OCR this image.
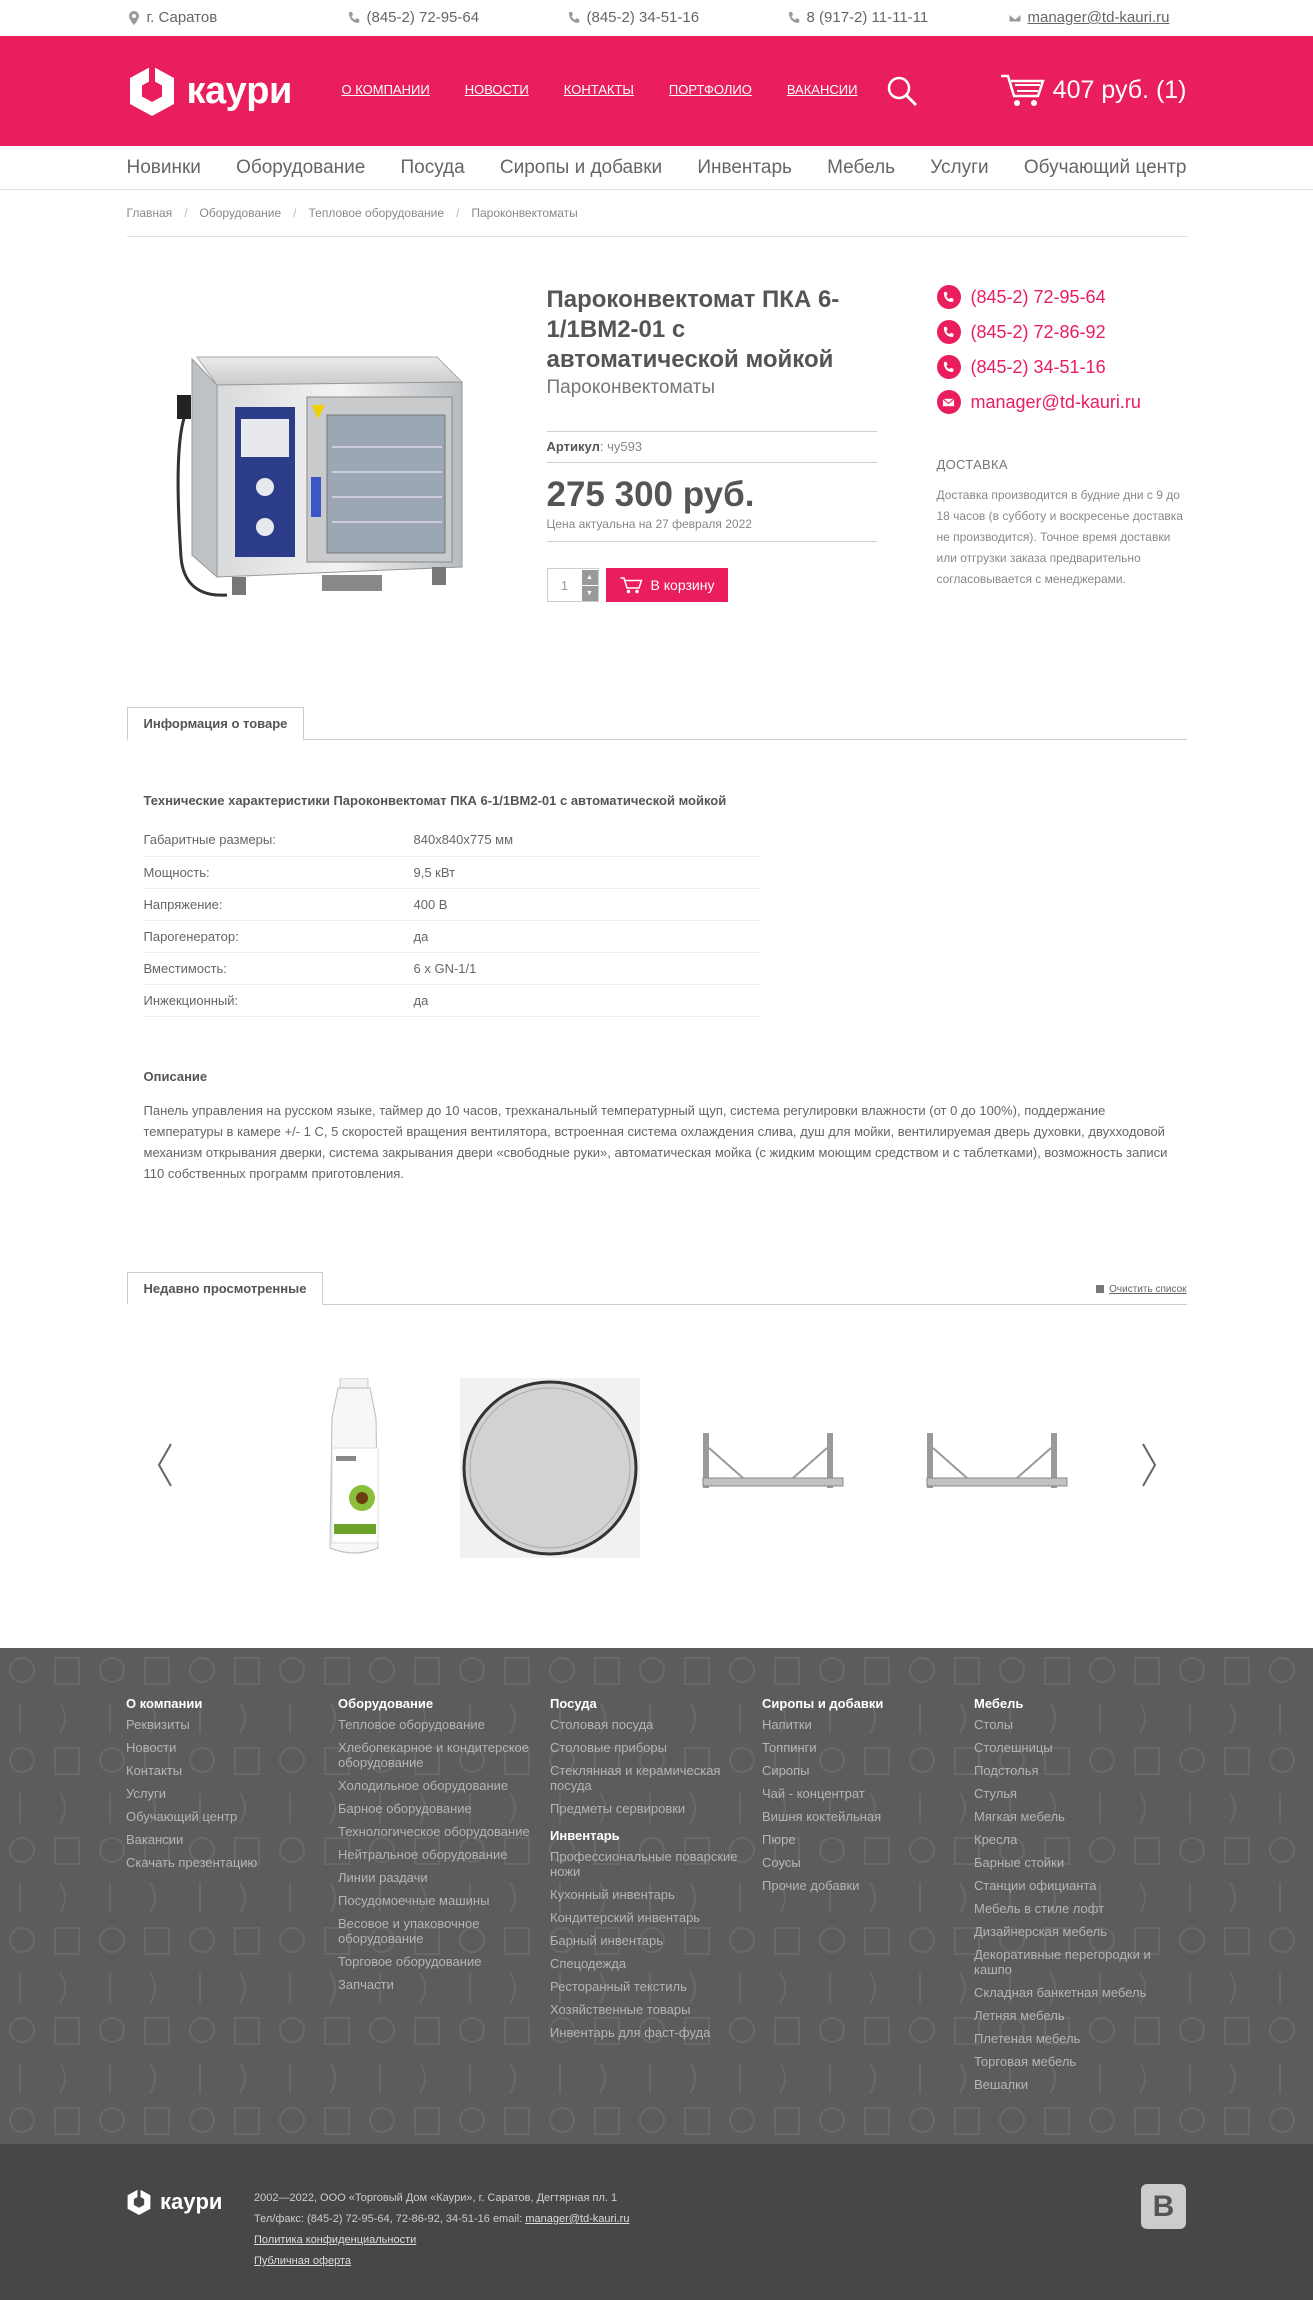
г. Саратов	(845-2) 72-95-64	(845-2) 34-51-16	8 (917-2) 11-11-11	manager@td-kauri.ru
кауpи	О КОМПАНИИ	НОВОСТИ	КОНТАКТЫ	ПОРТФОЛИО	ВАКАНСИИ	407 руб. (1)
Новинки Оборудование Посуда Сиропы и добавки Инвентарь Мебель Услуги Обучающий центр
Главная / Оборудование / Тепловое оборудование / Пароконвектоматы
Пароконвектомат ПКА 6-1/1ВМ2-01 с автоматической мойкой
Пароконвектоматы
Артикул: чу593
275 300 руб.
Цена актуальна на 27 февраля 2022
1	▲
▼
В корзину
(845-2) 72-95-64
(845-2) 72-86-92
(845-2) 34-51-16
manager@td-kauri.ru
ДОСТАВКА
Доставка производится в будние дни с 9 до 18 часов (в субботу и воскресенье доставка не производится). Точное время доставки или отгрузки заказа предварительно согласовывается с менеджерами.
Информация о товаре
Технические характеристики Пароконвектомат ПКА 6-1/1ВМ2-01 с автоматической мойкой
Габаритные размеры:	840x840x775 мм
Мощность:	9,5 кВт
Напряжение:	400 В
Парогенератор:	да
Вместимость:	6 x GN-1/1
Инжекционный:	да
Описание
Панель управления на русском языке, таймер до 10 часов, трехканальный температурный щуп, система регулировки влажности (от 0 до 100%), поддержание температуры в камере +/- 1 С, 5 скоростей вращения вентилятора, встроенная система охлаждения слива, душ для мойки, вентилируемая дверь духовки, двухходовой механизм открывания дверки, система закрывания двери «свободные руки», автоматическая мойка (с жидким моющим средством и с таблетками), возможность записи 110 собственных программ приготовления.
Недавно просмотренные	Очистить список
О компании
Реквизиты
Новости
Контакты
Услуги
Обучающий центр
Вакансии
Скачать презентацию
Оборудование
Тепловое оборудование
Хлебопекарное и кондитерское оборудование
Холодильное оборудование
Барное оборудование
Технологическое оборудование
Нейтральное оборудование
Линии раздачи
Посудомоечные машины
Весовое и упаковочное оборудование
Торговое оборудование
Запчасти
Посуда
Столовая посуда
Столовые приборы
Стеклянная и керамическая посуда
Предметы сервировки
Инвентарь
Профессиональные поварские ножи
Кухонный инвентарь
Кондитерский инвентарь
Барный инвентарь
Спецодежда
Ресторанный текстиль
Хозяйственные товары
Инвентарь для фаст-фуда
Сиропы и добавки
Напитки
Топпинги
Сиропы
Чай - концентрат
Вишня коктейльная
Пюре
Соусы
Прочие добавки
Мебель
Столы
Столешницы
Подстолья
Стулья
Мягкая мебель
Кресла
Барные стойки
Станции официанта
Мебель в стиле лофт
Дизайнерская мебель
Декоративные перегородки и кашпо
Складная банкетная мебель
Летняя мебель
Плетеная мебель
Торговая мебель
Вешалки
кауpи	2002—2022, ООО «Торговый Дом «Кауpи», г. Саратов, Дегтярная пл. 1
Тел/факс: (845-2) 72-95-64, 72-86-92, 34-51-16 email: manager@td-kauri.ru
Политика конфиденциальности
Публичная оферта
B
